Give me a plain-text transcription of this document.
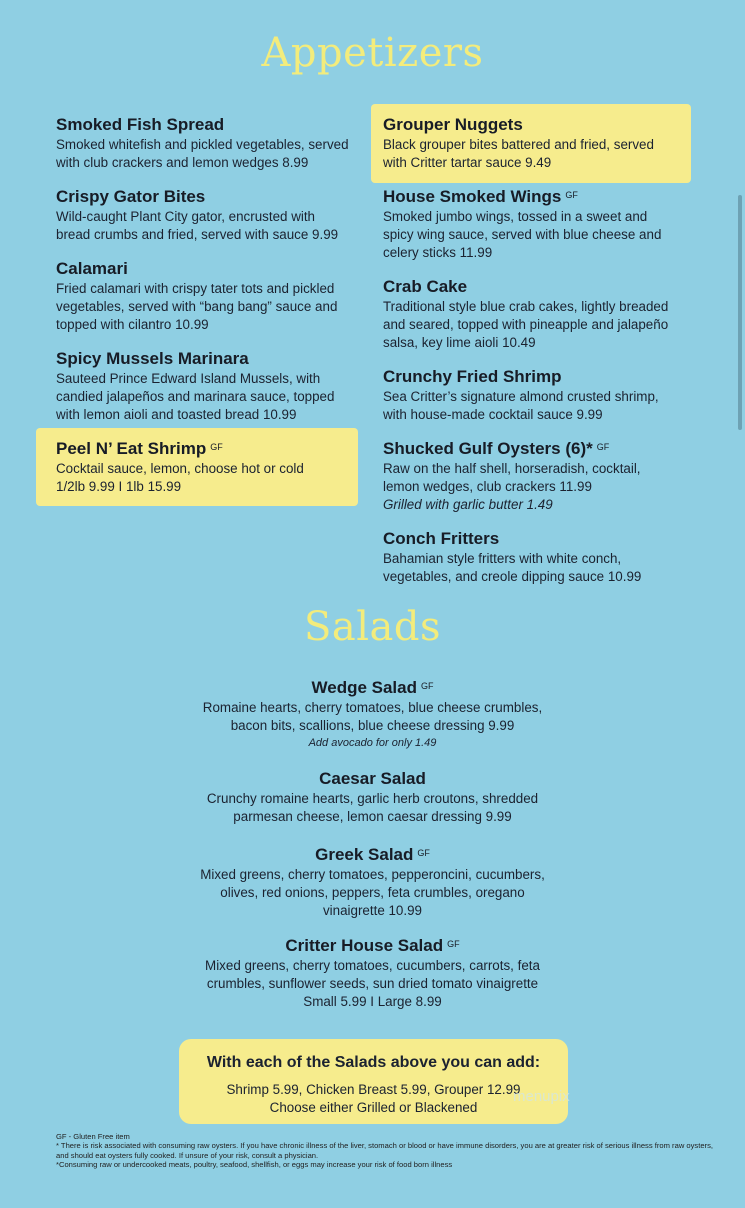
Appetizers
Salads
Smoked Fish Spread
Smoked whitefish and pickled vegetables, served
with club crackers and lemon wedges 8.99
Crispy Gator Bites
Wild-caught Plant City gator, encrusted with
bread crumbs and fried, served with sauce 9.99
Calamari
Fried calamari with crispy tater tots and pickled
vegetables, served with “bang bang” sauce and
topped with cilantro 10.99
Spicy Mussels Marinara
Sauteed Prince Edward Island Mussels, with
candied jalapeños and marinara sauce, topped
with lemon aioli and toasted bread 10.99
Peel N’ Eat Shrimp $^{GF}$
Cocktail sauce, lemon, choose hot or cold
1/2lb 9.99 I 1lb 15.99
Grouper Nuggets
Black grouper bites battered and fried, served
with Critter tartar sauce 9.49
House Smoked Wings $^{GF}$
Smoked jumbo wings, tossed in a sweet and
spicy wing sauce, served with blue cheese and
celery sticks 11.99
Crab Cake
Traditional style blue crab cakes, lightly breaded
and seared, topped with pineapple and jalapeño
salsa, key lime aioli 10.49
Crunchy Fried Shrimp
Sea Critter’s signature almond crusted shrimp,
with house-made cocktail sauce 9.99
Shucked Gulf Oysters (6)* $^{GF}$
Raw on the half shell, horseradish, cocktail,
lemon wedges, club crackers 11.99
Grilled with garlic butter 1.49
Conch Fritters
Bahamian style fritters with white conch,
vegetables, and creole dipping sauce 10.99
Wedge Salad $^{GF}$
Romaine hearts, cherry tomatoes, blue cheese crumbles,
bacon bits, scallions, blue cheese dressing 9.99
Add avocado for only 1.49
Caesar Salad
Crunchy romaine hearts, garlic herb croutons, shredded
parmesan cheese, lemon caesar dressing 9.99
Greek Salad $^{GF}$
Mixed greens, cherry tomatoes, pepperoncini, cucumbers,
olives, red onions, peppers, feta crumbles, oregano
vinaigrette 10.99
Critter House Salad $^{GF}$
Mixed greens, cherry tomatoes, cucumbers, carrots, feta
crumbles, sunflower seeds, sun dried tomato vinaigrette
Small 5.99 I Large 8.99
With each of the Salads above you can add:
Shrimp 5.99, Chicken Breast 5.99, Grouper 12.99
Choose either Grilled or Blackened
menupix
GF - Gluten Free item
* There is risk associated with consuming raw oysters. If you have chronic illness of the liver, stomach or blood or have immune disorders, you are at greater risk of serious illness from raw oysters, and should eat oysters fully cooked. If unsure of your risk, consult a physician.
*Consuming raw or undercooked meats, poultry, seafood, shellfish, or eggs may increase your risk of food born illness
